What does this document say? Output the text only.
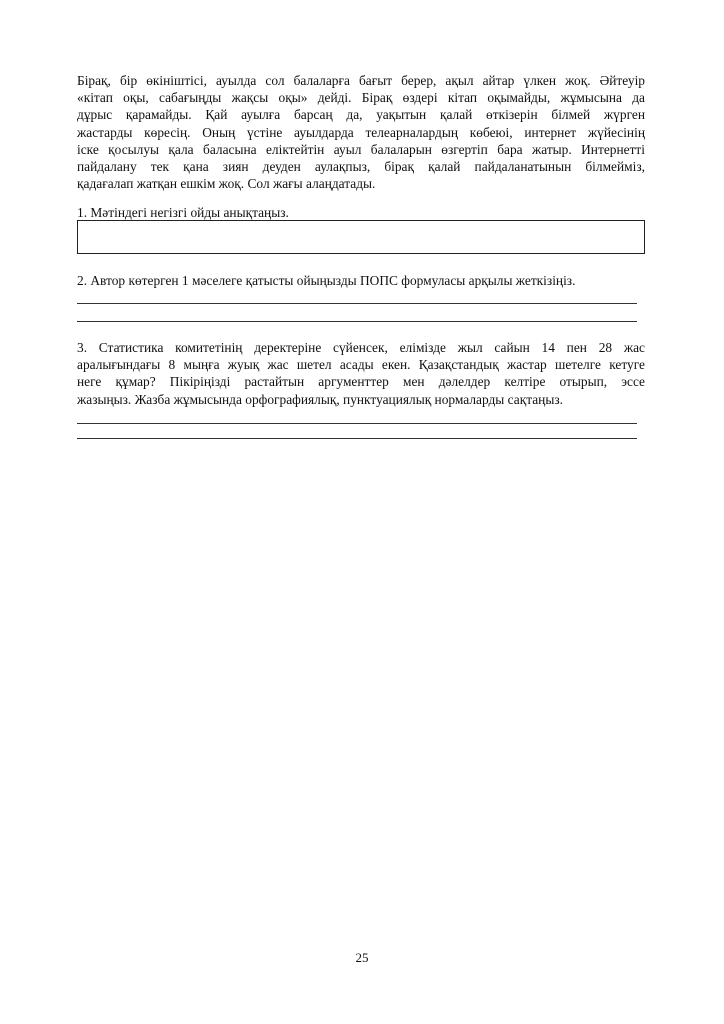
Бірақ, бір өкініштісі, ауылда сол балаларға бағыт берер, ақыл айтар үлкен жоқ. Әйтеуір
«кітап оқы, сабағыңды жақсы оқы» дейді. Бірақ өздері кітап оқымайды, жұмысына да
дұрыс қарамайды. Қай ауылға барсаң да, уақытын қалай өткізерін білмей жүрген
жастарды көресің. Оның үстіне ауылдарда телеарналардың көбеюі, интернет жүйесінің
іске қосылуы қала баласына еліктейтін ауыл балаларын өзгертіп бара жатыр. Интернетті
пайдалану тек қана зиян деуден аулақпыз, бірақ қалай пайдаланатынын білмейміз,
қадағалап жатқан ешкім жоқ. Сол жағы алаңдатады.

1. Мәтіндегі негізгі ойды анықтаңыз.

2. Автор көтерген 1 мәселеге қатысты ойыңызды ПОПС формуласы арқылы жеткізіңіз.

3. Статистика комитетінің деректеріне сүйенсек, елімізде жыл сайын 14 пен 28 жас
аралығындағы 8 мыңға жуық жас шетел асады екен. Қазақстандық жастар шетелге кетуге
неге құмар? Пікіріңізді растайтын аргументтер мен дәлелдер келтіре отырып, эссе
жазыңыз. Жазба жұмысында орфографиялық, пунктуациялық нормаларды сақтаңыз.
25
